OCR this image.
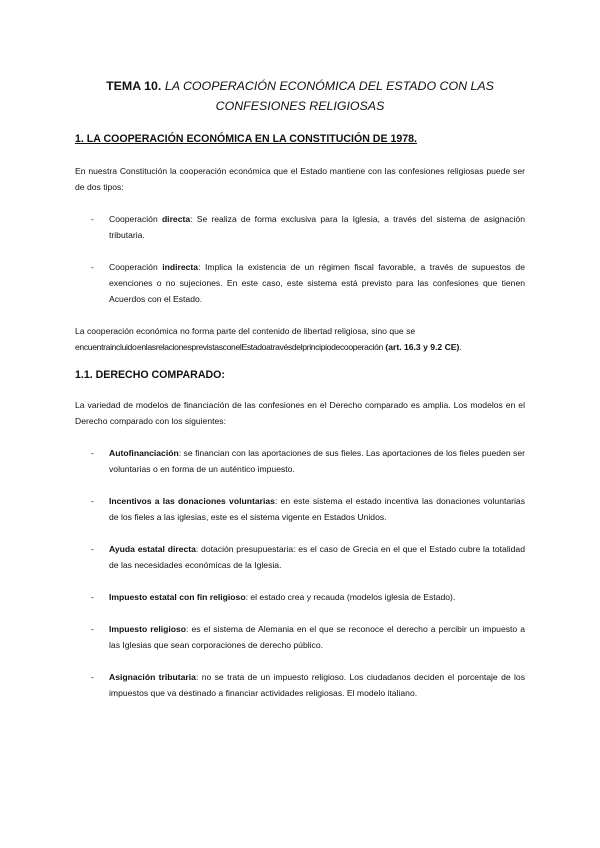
TEMA 10. LA COOPERACIÓN ECONÓMICA DEL ESTADO CON LAS CONFESIONES RELIGIOSAS
1. LA COOPERACIÓN ECONÓMICA EN LA CONSTITUCIÓN DE 1978.

En nuestra Constitución la cooperación económica que el Estado mantiene con las confesiones religiosas puede ser de dos tipos:

- Cooperación directa: Se realiza de forma exclusiva para la Iglesia, a través del sistema de asignación tributaria.
- Cooperación indirecta: Implica la existencia de un régimen fiscal favorable, a través de supuestos de exenciones o no sujeciones. En este caso, este sistema está previsto para las confesiones que tienen Acuerdos con el Estado.

La cooperación económica no forma parte del contenido de libertad religiosa, sino que se
encuentraincluido enlasrelacionesprevistasconelEstadoatravésdelprincipiodecooperación (art. 16.3 y 9.2 CE).

1.1. DERECHO COMPARADO:

La variedad de modelos de financiación de las confesiones en el Derecho comparado es amplia. Los modelos en el Derecho comparado con los siguientes:

- Autofinanciación: se financian con las aportaciones de sus fieles. Las aportaciones de los fieles pueden ser voluntarias o en forma de un auténtico impuesto.
- Incentivos a las donaciones voluntarias: en este sistema el estado incentiva las donaciones voluntarias de los fieles a las iglesias, este es el sistema vigente en Estados Unidos.
- Ayuda estatal directa: dotación presupuestaria: es el caso de Grecia en el que el Estado cubre la totalidad de las necesidades económicas de la Iglesia.
- Impuesto estatal con fin religioso: el estado crea y recauda (modelos iglesia de Estado).
- Impuesto religioso: es el sistema de Alemania en el que se reconoce el derecho a percibir un impuesto a las Iglesias que sean corporaciones de derecho público.
- Asignación tributaria: no se trata de un impuesto religioso. Los ciudadanos deciden el porcentaje de los impuestos que va destinado a financiar actividades religiosas. El modelo italiano.
